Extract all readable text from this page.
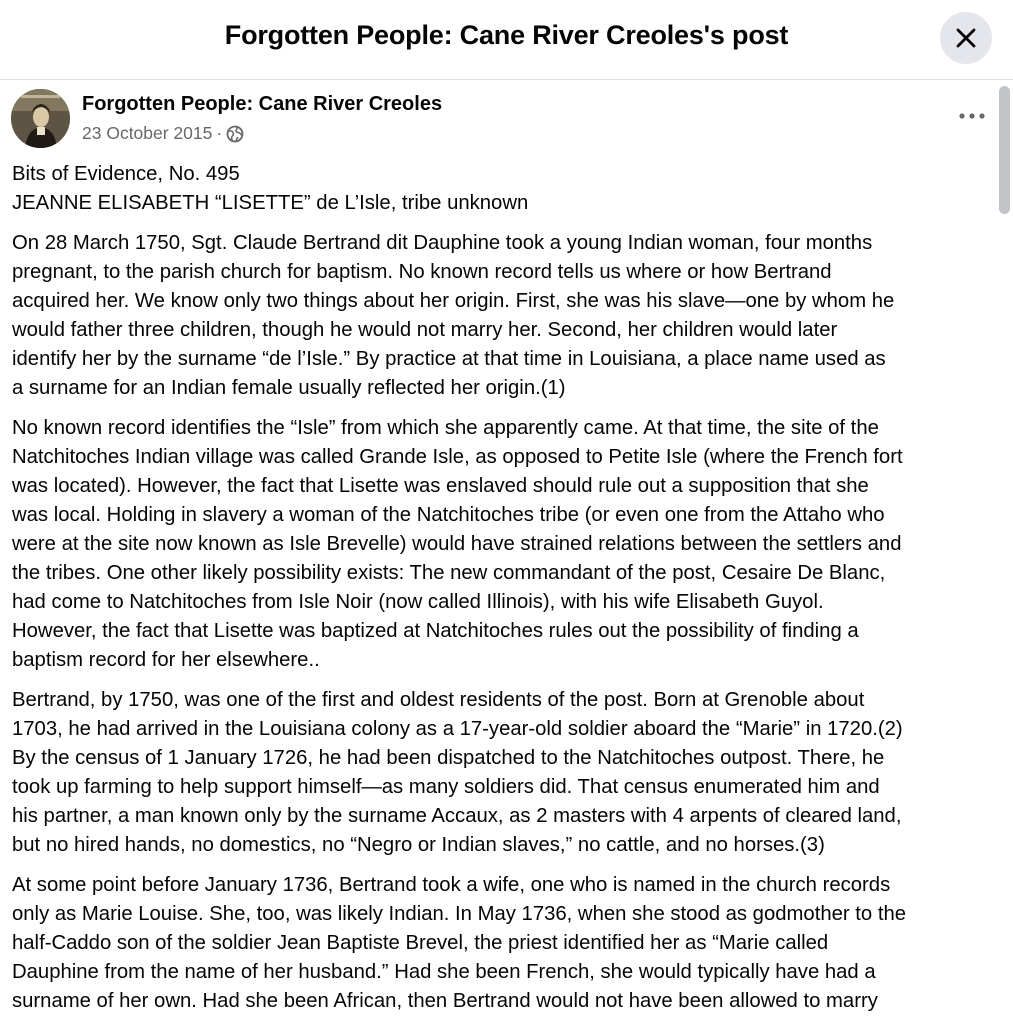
Forgotten People: Cane River Creoles's post
Forgotten People: Cane River Creoles
23 October 2015 ·

Bits of Evidence, No. 495
JEANNE ELISABETH “LISETTE” de L’Isle, tribe unknown

On 28 March 1750, Sgt. Claude Bertrand dit Dauphine took a young Indian woman, four months
pregnant, to the parish church for baptism. No known record tells us where or how Bertrand
acquired her. We know only two things about her origin. First, she was his slave—one by whom he
would father three children, though he would not marry her. Second, her children would later
identify her by the surname “de l’Isle.” By practice at that time in Louisiana, a place name used as
a surname for an Indian female usually reflected her origin.(1)

No known record identifies the “Isle” from which she apparently came. At that time, the site of the
Natchitoches Indian village was called Grande Isle, as opposed to Petite Isle (where the French fort
was located). However, the fact that Lisette was enslaved should rule out a supposition that she
was local. Holding in slavery a woman of the Natchitoches tribe (or even one from the Attaho who
were at the site now known as Isle Brevelle) would have strained relations between the settlers and
the tribes. One other likely possibility exists: The new commandant of the post, Cesaire De Blanc,
had come to Natchitoches from Isle Noir (now called Illinois), with his wife Elisabeth Guyol.
However, the fact that Lisette was baptized at Natchitoches rules out the possibility of finding a
baptism record for her elsewhere..

Bertrand, by 1750, was one of the first and oldest residents of the post. Born at Grenoble about
1703, he had arrived in the Louisiana colony as a 17-year-old soldier aboard the “Marie” in 1720.(2)
By the census of 1 January 1726, he had been dispatched to the Natchitoches outpost. There, he
took up farming to help support himself—as many soldiers did. That census enumerated him and
his partner, a man known only by the surname Accaux, as 2 masters with 4 arpents of cleared land,
but no hired hands, no domestics, no “Negro or Indian slaves,” no cattle, and no horses.(3)

At some point before January 1736, Bertrand took a wife, one who is named in the church records
only as Marie Louise. She, too, was likely Indian. In May 1736, when she stood as godmother to the
half-Caddo son of the soldier Jean Baptiste Brevel, the priest identified her as “Marie called
Dauphine from the name of her husband.” Had she been French, she would typically have had a
surname of her own. Had she been African, then Bertrand would not have been allowed to marry
